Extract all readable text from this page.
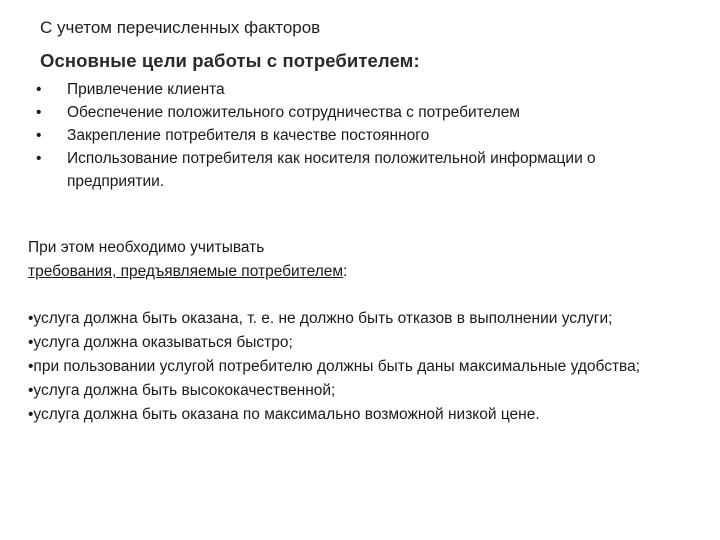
С учетом перечисленных факторов

Основные цели работы с потребителем:

• Привлечение клиента
• Обеспечение положительного сотрудничества с потребителем
• Закрепление потребителя в качестве постоянного
• Использование потребителя как носителя положительной информации о предприятии.

При этом необходимо учитывать
требования, предъявляемые потребителем:

•услуга должна быть оказана, т. е. не должно быть отказов в выполнении услуги;
•услуга должна оказываться быстро;
•при пользовании услугой потребителю должны быть даны максимальные удобства;
•услуга должна быть высококачественной;
•услуга должна быть оказана по максимально возможной низкой цене.
